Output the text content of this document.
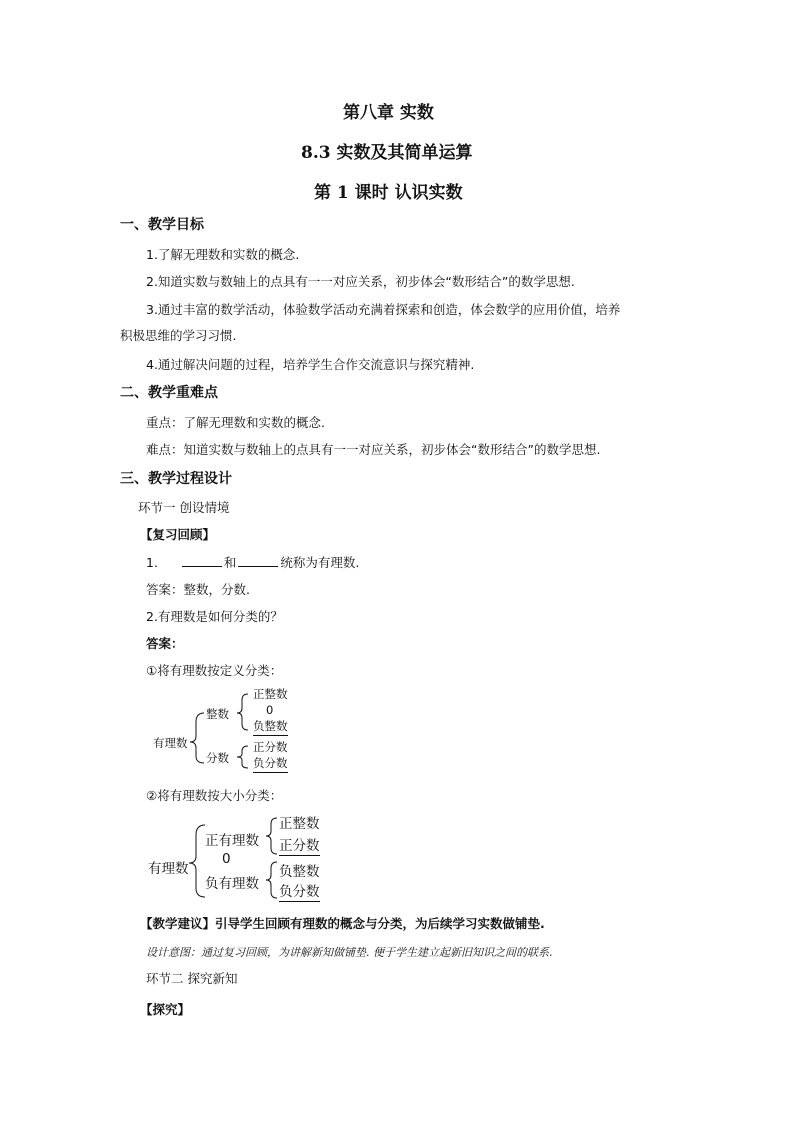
第八章 实数
8.3 实数及其简单运算
第 1 课时 认识实数
一、教学目标
1.了解无理数和实数的概念.
2.知道实数与数轴上的点具有一一对应关系，初步体会“数形结合”的数学思想.
3.通过丰富的数学活动，体验数学活动充满着探索和创造，体会数学的应用价值，培养
积极思维的学习习惯.
4.通过解决问题的过程，培养学生合作交流意识与探究精神.
二、教学重难点
重点：了解无理数和实数的概念.
难点：知道实数与数轴上的点具有一一对应关系，初步体会“数形结合”的数学思想.
三、教学过程设计
环节一 创设情境
【复习回顾】
1.	和	统称为有理数.
答案：整数，分数.
2.有理数是如何分类的？
答案：
①将有理数按定义分类：
有理数
整数
分数
正整数
0
负整数
正分数
负分数
②将有理数按大小分类：
有理数
正有理数
0
负有理数
正整数
正分数
负整数
负分数
【教学建议】引导学生回顾有理数的概念与分类，为后续学习实数做铺垫.
设计意图：通过复习回顾，为讲解新知做铺垫. 便于学生建立起新旧知识之间的联系.
环节二 探究新知
【探究】
